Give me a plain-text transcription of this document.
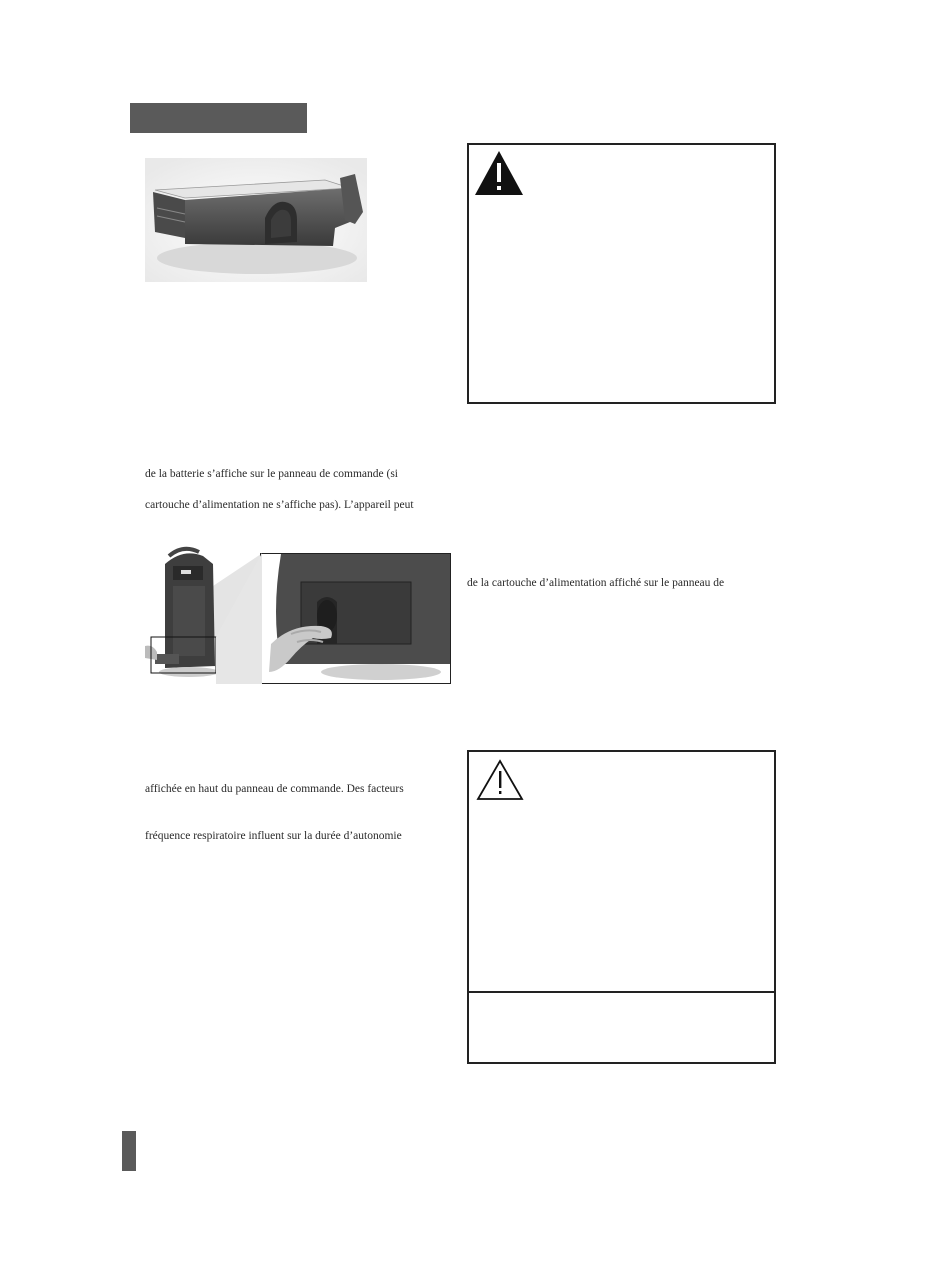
de la batterie s’affiche sur le panneau de commande (si
cartouche d’alimentation ne s’affiche pas). L’appareil peut
de la cartouche d’alimentation affiché sur le panneau de
affichée en haut du panneau de commande. Des facteurs
fréquence respiratoire influent sur la durée d’autonomie
